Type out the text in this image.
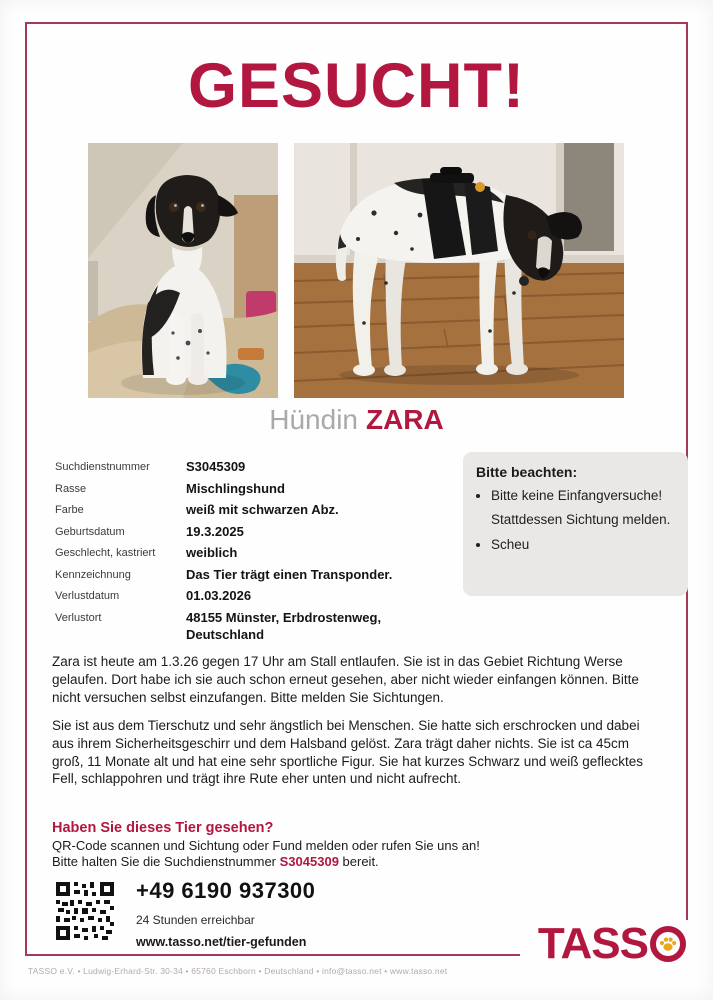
GESUCHT!
Hündin ZARA
Suchdienstnummer	S3045309
Rasse	Mischlingshund
Farbe	weiß mit schwarzen Abz.
Geburtsdatum	19.3.2025
Geschlecht, kastriert	weiblich
Kennzeichnung	Das Tier trägt einen Transponder.
Verlustdatum	01.03.2026
Verlustort	48155 Münster, Erbdrostenweg, Deutschland
Bitte beachten:
• Bitte keine Einfangversuche! Stattdessen Sichtung melden.
• Scheu
Zara ist heute am 1.3.26 gegen 17 Uhr am Stall entlaufen. Sie ist in das Gebiet Richtung Werse gelaufen. Dort habe ich sie auch schon erneut gesehen, aber nicht wieder einfangen können. Bitte nicht versuchen selbst einzufangen. Bitte melden Sie Sichtungen.
Sie ist aus dem Tierschutz und sehr ängstlich bei Menschen. Sie hatte sich erschrocken und dabei aus ihrem Sicherheitsgeschirr und dem Halsband gelöst. Zara trägt daher nichts. Sie ist ca 45cm groß, 11 Monate alt und hat eine sehr sportliche Figur. Sie hat kurzes Schwarz und weiß geflecktes Fell, schlappohren und trägt ihre Rute eher unten und nicht aufrecht.
Haben Sie dieses Tier gesehen?
QR-Code scannen und Sichtung oder Fund melden oder rufen Sie uns an!
Bitte halten Sie die Suchdienstnummer S3045309 bereit.
+49 6190 937300
24 Stunden erreichbar
www.tasso.net/tier-gefunden	TASS
TASSO e.V. • Ludwig-Erhard-Str. 30-34 • 65760 Eschborn • Deutschland • info@tasso.net • www.tasso.net
